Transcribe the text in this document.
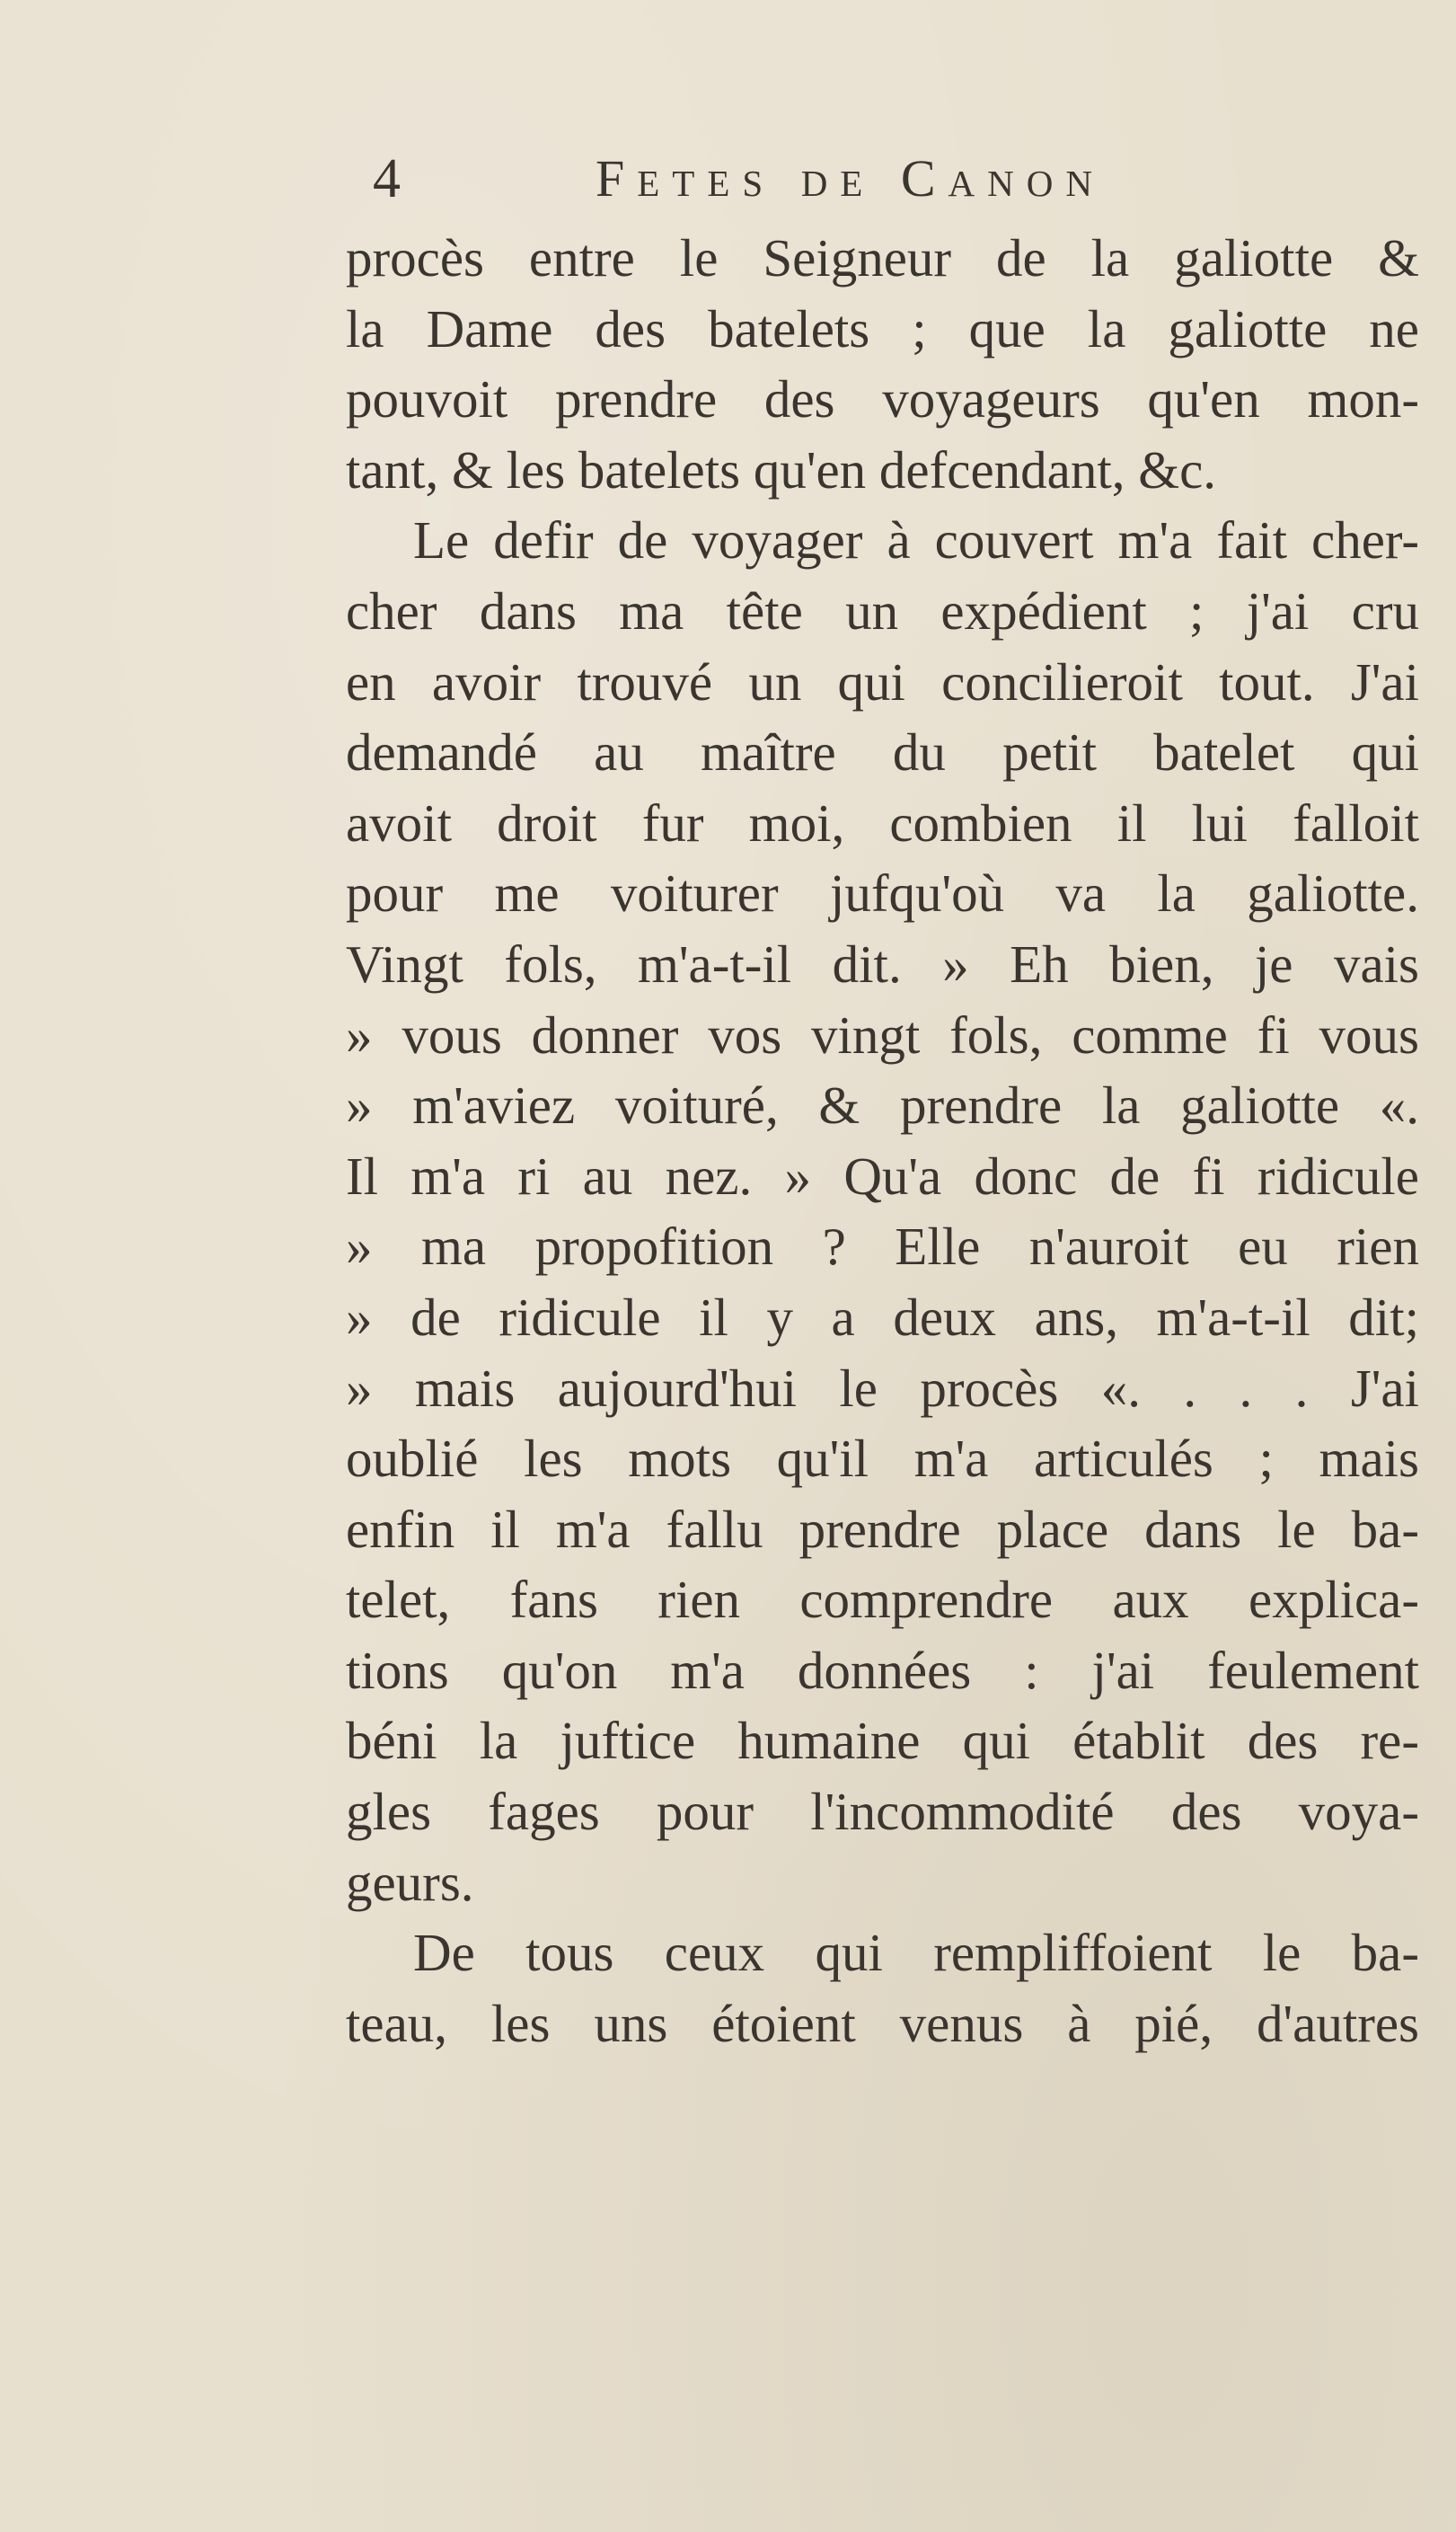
4	Fetes de Canon
procès entre le Seigneur de la galiotte &
la Dame des batelets ; que la galiotte ne
pouvoit prendre des voyageurs qu'en mon-
tant, & les batelets qu'en defcendant, &c.
Le defir de voyager à couvert m'a fait cher-
cher dans ma tête un expédient ; j'ai cru
en avoir trouvé un qui concilieroit tout. J'ai
demandé au maître du petit batelet qui
avoit droit fur moi, combien il lui falloit
pour me voiturer jufqu'où va la galiotte.
Vingt fols, m'a-t-il dit. » Eh bien, je vais
» vous donner vos vingt fols, comme fi vous
» m'aviez voituré, & prendre la galiotte «.
Il m'a ri au nez. » Qu'a donc de fi ridicule
» ma propofition ? Elle n'auroit eu rien
» de ridicule il y a deux ans, m'a-t-il dit;
» mais aujourd'hui le procès «. . . . J'ai
oublié les mots qu'il m'a articulés ; mais
enfin il m'a fallu prendre place dans le ba-
telet, fans rien comprendre aux explica-
tions qu'on m'a données : j'ai feulement
béni la juftice humaine qui établit des re-
gles fages pour l'incommodité des voya-
geurs.
De tous ceux qui rempliffoient le ba-
teau, les uns étoient venus à pié, d'autres
